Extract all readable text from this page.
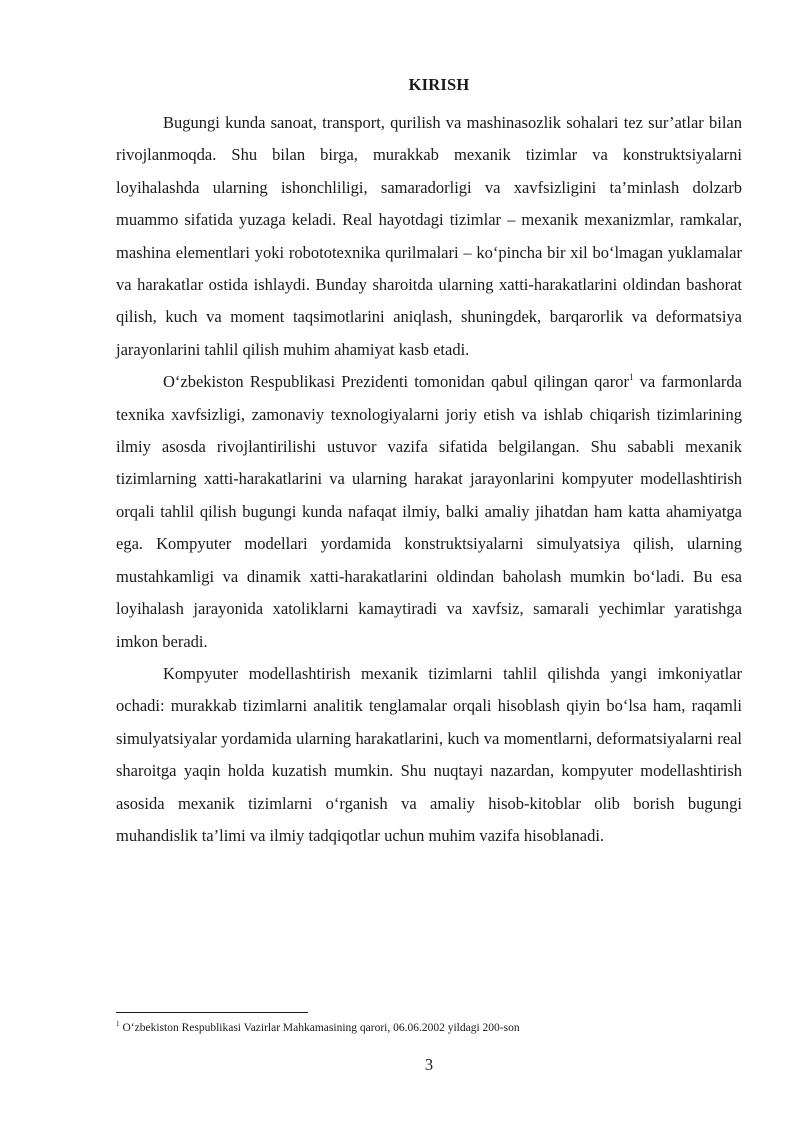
KIRISH

Bugungi kunda sanoat, transport, qurilish va mashinasozlik sohalari tez sur’atlar bilan rivojlanmoqda. Shu bilan birga, murakkab mexanik tizimlar va konstruktsiyalarni loyihalashda ularning ishonchliligi, samaradorligi va xavfsizligini ta’minlash dolzarb muammo sifatida yuzaga keladi. Real hayotdagi tizimlar – mexanik mexanizmlar, ramkalar, mashina elementlari yoki robototexnika qurilmalari – ko‘pincha bir xil bo‘lmagan yuklamalar va harakatlar ostida ishlaydi. Bunday sharoitda ularning xatti-harakatlarini oldindan bashorat qilish, kuch va moment taqsimotlarini aniqlash, shuningdek, barqarorlik va deformatsiya jarayonlarini tahlil qilish muhim ahamiyat kasb etadi.

O‘zbekiston Respublikasi Prezidenti tomonidan qabul qilingan qaror$^1$ va farmonlarda texnika xavfsizligi, zamonaviy texnologiyalarni joriy etish va ishlab chiqarish tizimlarining ilmiy asosda rivojlantirilishi ustuvor vazifa sifatida belgilangan. Shu sababli mexanik tizimlarning xatti-harakatlarini va ularning harakat jarayonlarini kompyuter modellashtirish orqali tahlil qilish bugungi kunda nafaqat ilmiy, balki amaliy jihatdan ham katta ahamiyatga ega. Kompyuter modellari yordamida konstruktsiyalarni simulyatsiya qilish, ularning mustahkamligi va dinamik xatti-harakatlarini oldindan baholash mumkin bo‘ladi. Bu esa loyihalash jarayonida xatoliklarni kamaytiradi va xavfsiz, samarali yechimlar yaratishga imkon beradi.

Kompyuter modellashtirish mexanik tizimlarni tahlil qilishda yangi imkoniyatlar ochadi: murakkab tizimlarni analitik tenglamalar orqali hisoblash qiyin bo‘lsa ham, raqamli simulyatsiyalar yordamida ularning harakatlarini, kuch va momentlarni, deformatsiyalarni real sharoitga yaqin holda kuzatish mumkin. Shu nuqtayi nazardan, kompyuter modellashtirish asosida mexanik tizimlarni o‘rganish va amaliy hisob-kitoblar olib borish bugungi muhandislik ta’limi va ilmiy tadqiqotlar uchun muhim vazifa hisoblanadi.

$^1$ O‘zbekiston Respublikasi Vazirlar Mahkamasining qarori, 06.06.2002 yildagi 200-son
3
